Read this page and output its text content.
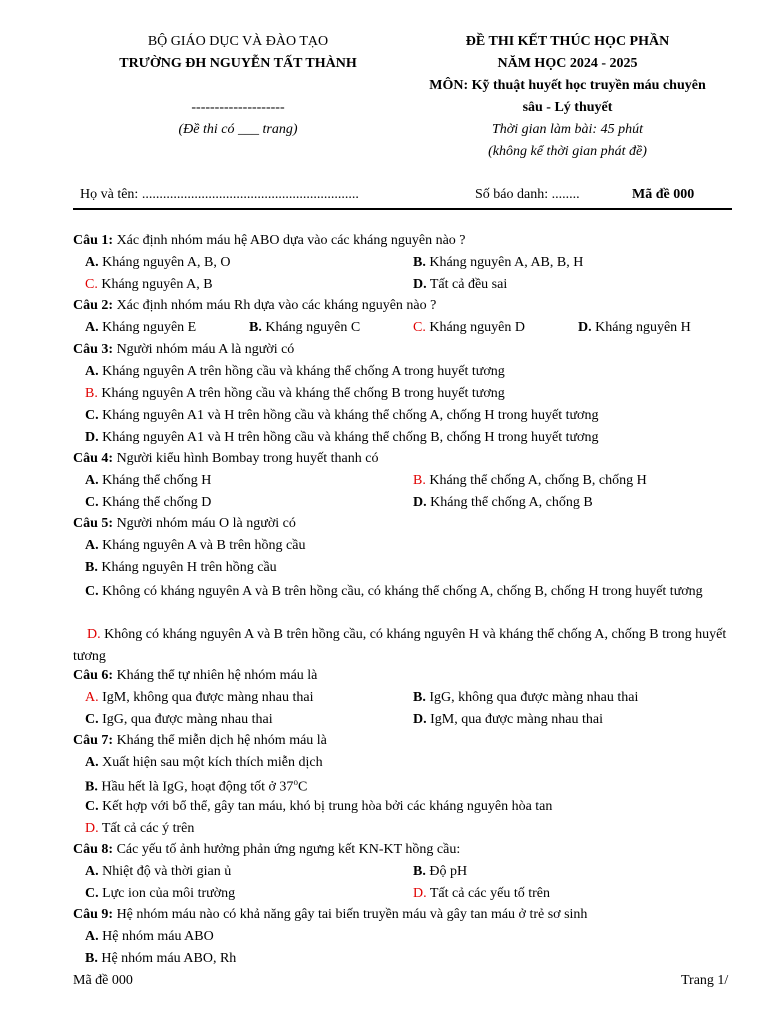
BỘ GIÁO DỤC VÀ ĐÀO TẠO
TRƯỜNG ĐH NGUYỄN TẤT THÀNH
--------------------
(Đề thi có ___ trang)
ĐỀ THI KẾT THÚC HỌC PHẦN
NĂM HỌC 2024 - 2025
MÔN: Kỹ thuật huyết học truyền máu chuyên
sâu - Lý thuyết
Thời gian làm bài: 45 phút
(không kể thời gian phát đề)
Họ và tên: ..............................................................	Số báo danh: ........	Mã đề 000
Câu 1: Xác định nhóm máu hệ ABO dựa vào các kháng nguyên nào ?
A. Kháng nguyên A, B, O	B. Kháng nguyên A, AB, B, H
C. Kháng nguyên A, B	D. Tất cả đều sai
Câu 2: Xác định nhóm máu Rh dựa vào các kháng nguyên nào ?
A. Kháng nguyên E	B. Kháng nguyên C	C. Kháng nguyên D	D. Kháng nguyên H
Câu 3: Người nhóm máu A là người có
A. Kháng nguyên A trên hồng cầu và kháng thể chống A trong huyết tương
B. Kháng nguyên A trên hồng cầu và kháng thể chống B trong huyết tương
C. Kháng nguyên A1 và H trên hồng cầu và kháng thể chống A, chống H trong huyết tương
D. Kháng nguyên A1 và H trên hồng cầu và kháng thể chống B, chống H trong huyết tương
Câu 4: Người kiểu hình Bombay trong huyết thanh có
A. Kháng thể chống H	B. Kháng thể chống A, chống B, chống H
C. Kháng thể chống D	D. Kháng thể chống A, chống B
Câu 5: Người nhóm máu O là người có
A. Kháng nguyên A và B trên hồng cầu
B. Kháng nguyên H trên hồng cầu
C. Không có kháng nguyên A và B trên hồng cầu, có kháng thể chống A, chống B, chống H trong huyết tương
D. Không có kháng nguyên A và B trên hồng cầu, có kháng nguyên H và kháng thể chống A, chống B trong huyết tương
Câu 6: Kháng thể tự nhiên hệ nhóm máu là
A. IgM, không qua được màng nhau thai	B. IgG, không qua được màng nhau thai
C. IgG, qua được màng nhau thai	D. IgM, qua được màng nhau thai
Câu 7: Kháng thể miễn dịch hệ nhóm máu là
A. Xuất hiện sau một kích thích miễn dịch
B. Hầu hết là IgG, hoạt động tốt ở 37$^o$C
C. Kết hợp với bổ thể, gây tan máu, khó bị trung hòa bởi các kháng nguyên hòa tan
D. Tất cả các ý trên
Câu 8: Các yếu tố ảnh hưởng phản ứng ngưng kết KN-KT hồng cầu:
A. Nhiệt độ và thời gian ủ	B. Độ pH
C. Lực ion của môi trường	D. Tất cả các yếu tố trên
Câu 9: Hệ nhóm máu nào có khả năng gây tai biến truyền máu và gây tan máu ở trẻ sơ sinh
A. Hệ nhóm máu ABO
B. Hệ nhóm máu ABO, Rh
Mã đề 000	Trang 1/
